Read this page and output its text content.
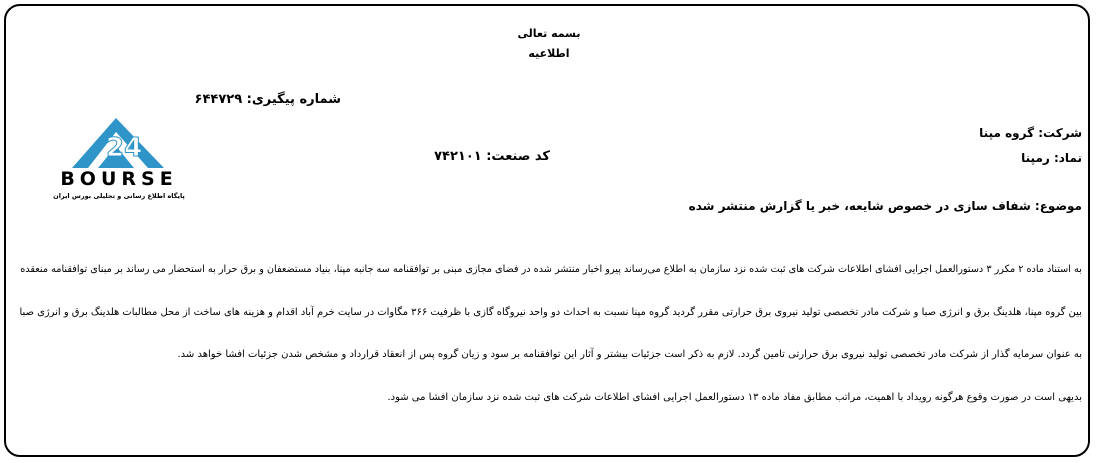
بسمه تعالی
اطلاعیه
شماره پیگیری: ۶۴۴۷۲۹
شرکت: گروه مپنا
نماد: رمپنا
کد صنعت: ۷۴۲۱۰۱
موضوع: شفاف سازی در خصوص شایعه، خبر یا گزارش منتشر شده
24
BOURSE
پایگاه اطلاع رسانی و تحلیلی بورس ایران
به استناد ماده ۲ مکرر ۳ دستورالعمل اجرایی افشای اطلاعات شرکت های ثبت شده نزد سازمان به اطلاع می‌رساند پیرو اخبار منتشر شده در فضای مجازی مبنی بر توافقنامه سه جانبه مپنا، بنیاد مستضعفان و برق حرار به استحضار می رساند بر مبنای توافقنامه منعقده
بین گروه مپنا، هلدینگ برق و انرژی صبا و شرکت مادر تخصصی تولید نیروی برق حرارتی مقرر گردید گروه مپنا نسبت به احداث دو واحد نیروگاه گازی با ظرفیت ۳۶۶ مگاوات در سایت خرم آباد اقدام و هزینه های ساخت از محل مطالبات هلدینگ برق و انرژی صبا
به عنوان سرمایه گذار از شرکت مادر تخصصی تولید نیروی برق حرارتی تامین گردد. لازم به ذکر است جزئیات بیشتر و آثار این توافقنامه بر سود و زیان گروه پس از انعقاد قرارداد و مشخص شدن جزئیات افشا خواهد شد.
بدیهی است در صورت وقوع هرگونه رویداد با اهمیت، مراتب مطابق مفاد ماده ۱۳ دستورالعمل اجرایی افشای اطلاعات شرکت های ثبت شده نزد سازمان افشا می شود.
